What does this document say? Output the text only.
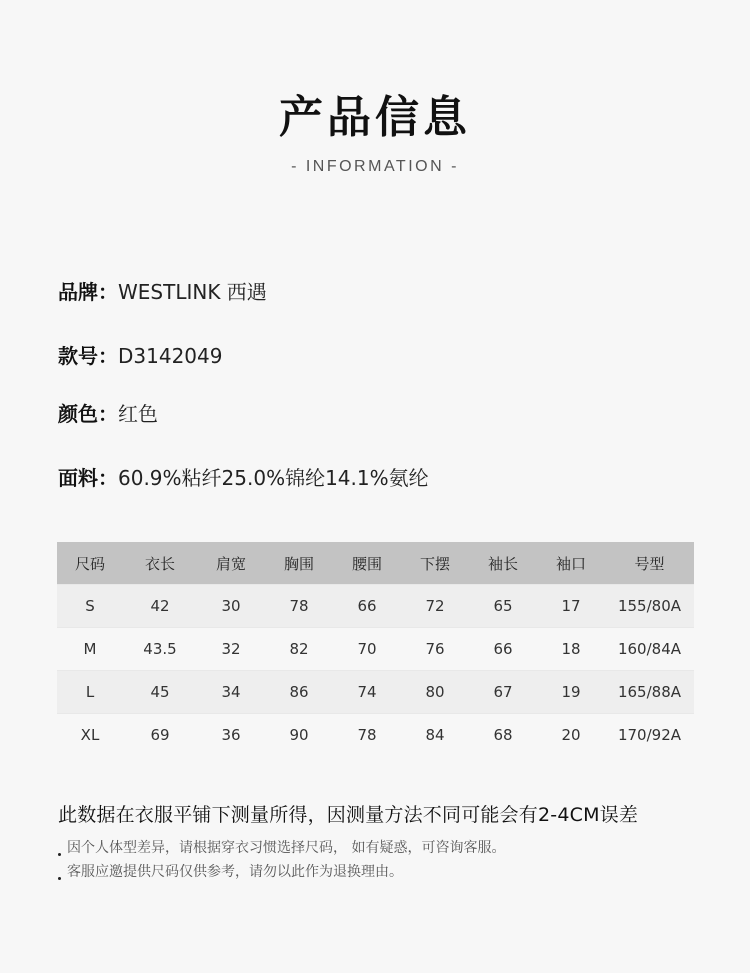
产品信息
- INFORMATION -
品牌：WESTLINK 西遇
款号：D3142049
颜色：红色
面料：60.9%粘纤25.0%锦纶14.1%氨纶
尺码	衣长	肩宽	胸围	腰围	下摆	袖长	袖口	号型
S	42	30	78	66	72	65	17	155/80A
M	43.5	32	82	70	76	66	18	160/84A
L	45	34	86	74	80	67	19	165/88A
XL	69	36	90	78	84	68	20	170/92A
此数据在衣服平铺下测量所得，因测量方法不同可能会有2-4CM误差
因个人体型差异，请根据穿衣习惯选择尺码， 如有疑惑，可咨询客服。
客服应邀提供尺码仅供参考，请勿以此作为退换理由。
